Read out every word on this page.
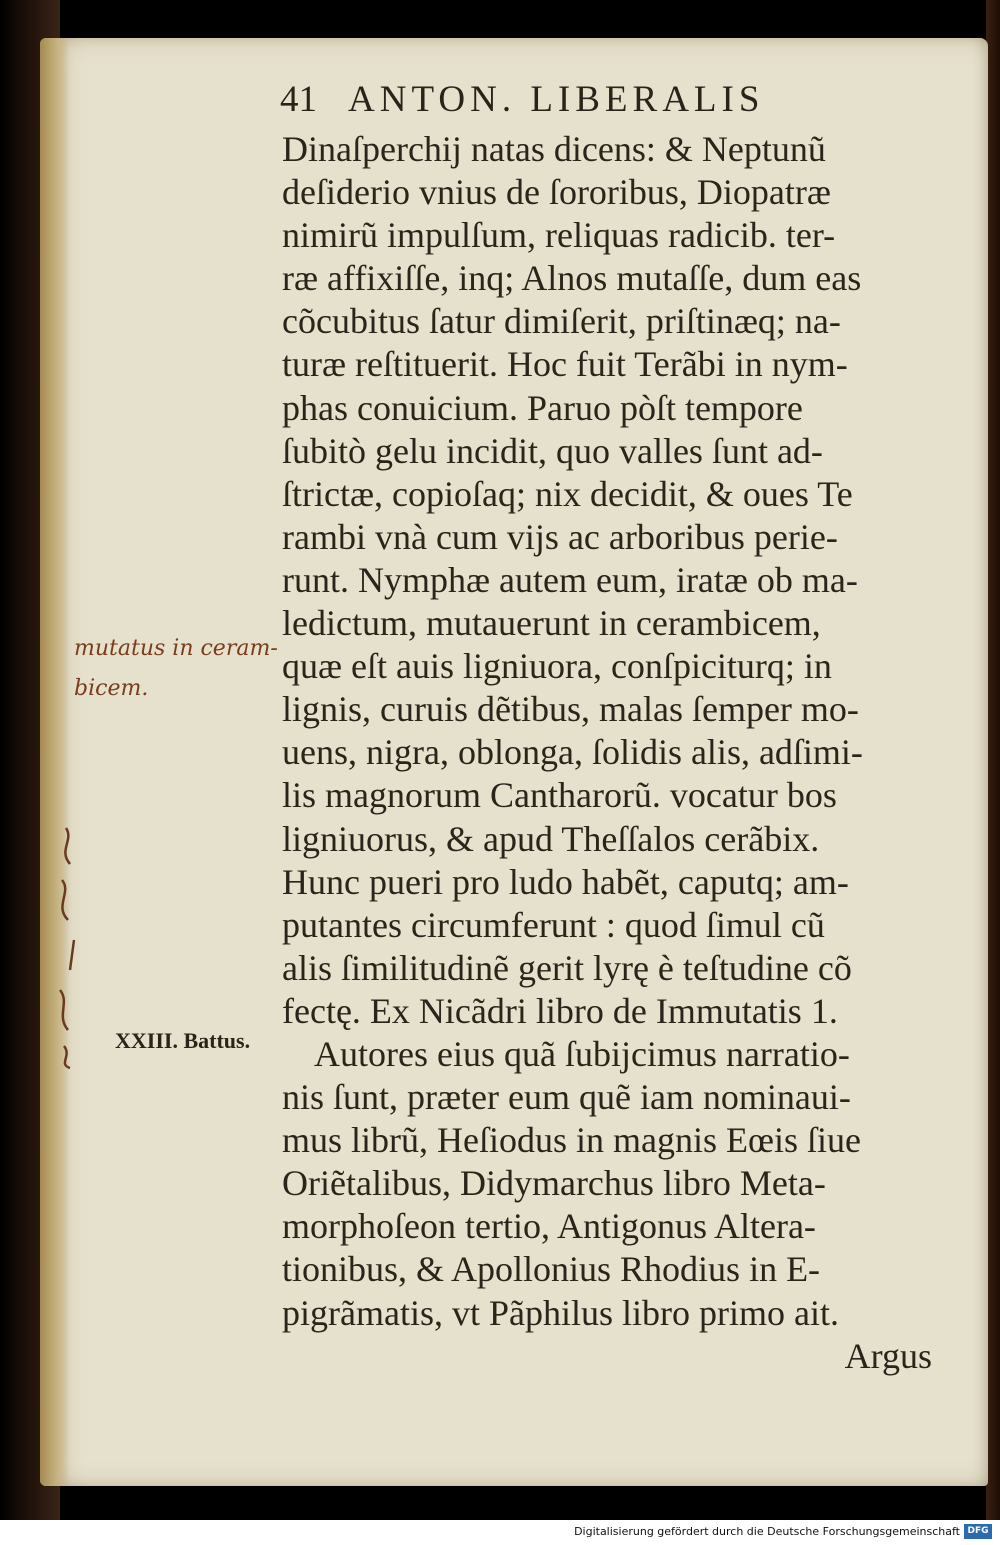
41 ANTON. LIBERALIS
Dinaſperchij natas dicens: & Neptunũ
deſiderio vnius de ſororibus, Diopatræ
nimirũ impulſum, reliquas radicib. ter-
ræ affixiſſe, inq; Alnos mutaſſe, dum eas
cõcubitus ſatur dimiſerit, priſtinæq; na-
turæ reſtituerit. Hoc fuit Terãbi in nym-
phas conuicium. Paruo pòſt tempore
ſubitò gelu incidit, quo valles ſunt ad-
ſtrictæ, copioſaq; nix decidit, & oues Te
rambi vnà cum vijs ac arboribus perie-
runt. Nymphæ autem eum, iratæ ob ma-
ledictum, mutauerunt in cerambicem,
quæ eſt auis ligniuora, conſpiciturq; in
lignis, curuis dẽtibus, malas ſemper mo-
uens, nigra, oblonga, ſolidis alis, adſimi-
lis magnorum Cantharorũ. vocatur bos
ligniuorus, & apud Theſſalos cerãbix.
Hunc pueri pro ludo habẽt, caputq; am-
putantes circumferunt : quod ſimul cũ
alis ſimilitudinẽ gerit lyrę è teſtudine cõ
fectę. Ex Nicãdri libro de Immutatis 1.
Autores eius quã ſubijcimus narratio-
nis ſunt, præter eum quẽ iam nominaui-
mus librũ, Heſiodus in magnis Eœis ſiue
Oriẽtalibus, Didymarchus libro Meta-
morphoſeon tertio, Antigonus Altera-
tionibus, & Apollonius Rhodius in E-
pigrãmatis, vt Pãphilus libro primo ait.
Argus
mutatus in ceram-
bicem.
XXIII. Battus.
Digitalisierung gefördert durch die Deutsche Forschungsgemeinschaft DFG
